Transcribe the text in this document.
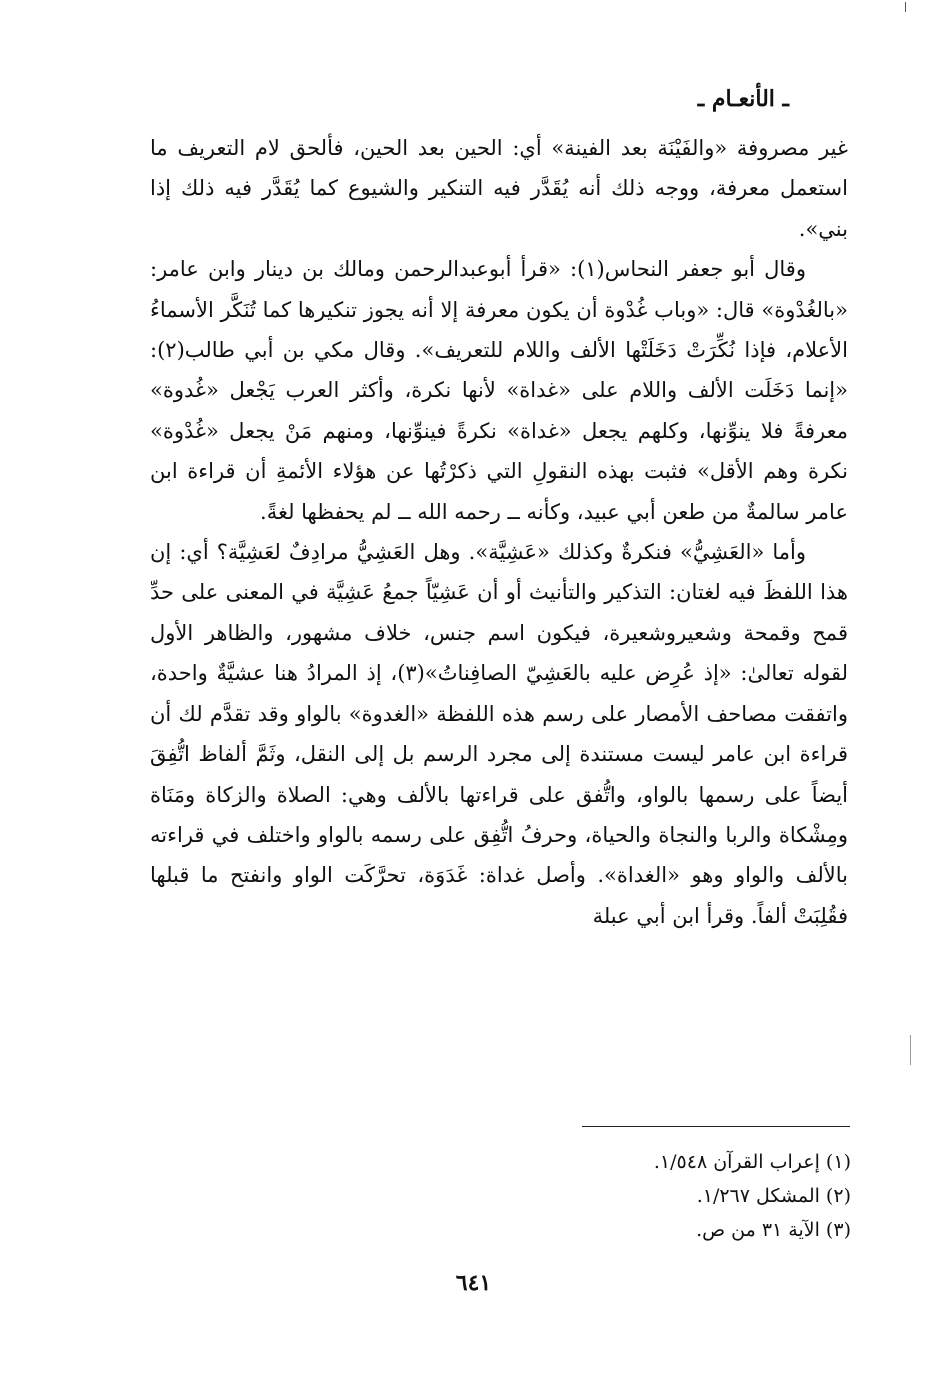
ـ الأنعـام ـ

غير مصروفة «والفَيْنَة بعد الفينة» أي: الحين بعد الحين، فألحق لام التعريف ما استعمل معرفة، ووجه ذلك أنه يُقَدَّر فيه التنكير والشيوع كما يُقَدَّر فيه ذلك إذا بني».

وقال أبو جعفر النحاس(١): «قرأ أبوعبدالرحمن ومالك بن دينار وابن عامر: «بالغُدْوة» قال: «وباب غُدْوة أن يكون معرفة إلا أنه يجوز تنكيرها كما تُنَكَّر الأسماءُ الأعلام، فإذا نُكِّرَتْ دَخَلَتْها الألف واللام للتعريف». وقال مكي بن أبي طالب(٢): «إنما دَخَلَت الألف واللام على «غداة» لأنها نكرة، وأكثر العرب يَجْعل «غُدوة» معرفةً فلا ينوِّنها، وكلهم يجعل «غداة» نكرةً فينوِّنها، ومنهم مَنْ يجعل «غُدْوة» نكرة وهم الأقل» فثبت بهذه النقولِ التي ذكرْتُها عن هؤلاء الأئمةِ أن قراءة ابن عامر سالمةٌ من طعن أبي عبيد، وكأنه ــ رحمه الله ــ لم يحفظها لغةً.

وأما «العَشِيُّ» فنكرةٌ وكذلك «عَشِيَّة». وهل العَشِيُّ مرادِفٌ لعَشِيَّة؟ أي: إن هذا اللفظَ فيه لغتان: التذكير والتأنيث أو أن عَشِيّاً جمعُ عَشِيَّة في المعنى على حدِّ قمح وقمحة وشعيروشعيرة، فيكون اسم جنس، خلاف مشهور، والظاهر الأول لقوله تعالىٰ: «إذ عُرِض عليه بالعَشِيّ الصافِناتُ»(٣)، إذ المرادُ هنا عشيَّةٌ واحدة، واتفقت مصاحف الأمصار على رسم هذه اللفظة «الغدوة» بالواو وقد تقدَّم لك أن قراءة ابن عامر ليست مستندة إلى مجرد الرسم بل إلى النقل، وثَمَّ ألفاظ اتُّفِقَ أيضاً على رسمها بالواو، واتُّفق على قراءتها بالألف وهي: الصلاة والزكاة ومَنَاة ومِشْكاة والربا والنجاة والحياة، وحرفُ اتُّفِق على رسمه بالواو واختلف في قراءته بالألف والواو وهو «الغداة». وأصل غداة: غَدَوَة، تحرَّكَت الواو وانفتح ما قبلها فقُلِبَتْ ألفاً. وقرأ ابن أبي عبلة

(١) إعراب القرآن ١/٥٤٨.
(٢) المشكل ١/٢٦٧.
(٣) الآية ٣١ من ص.
٦٤١
